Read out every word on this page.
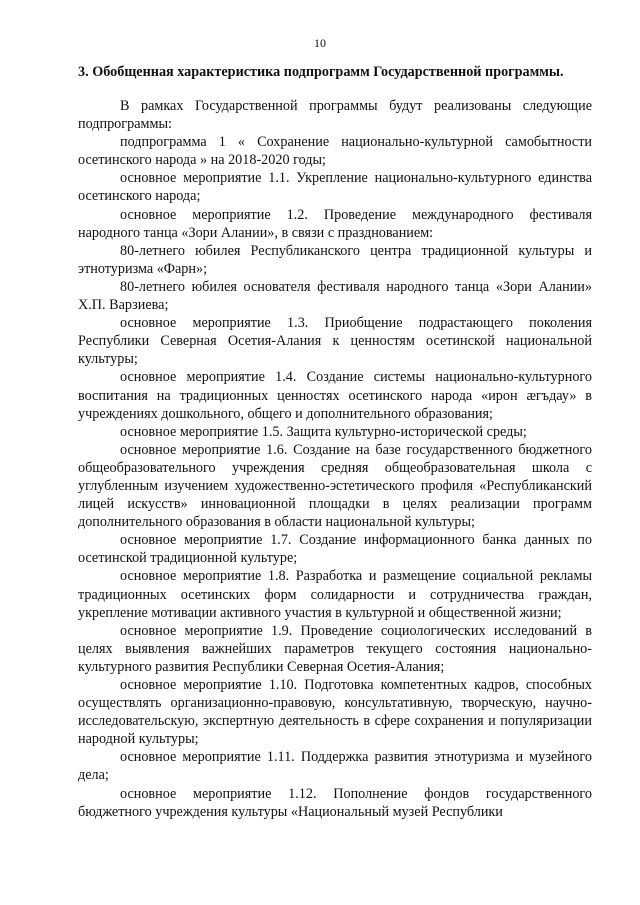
10
3. Обобщенная характеристика подпрограмм Государственной программы.

В рамках Государственной программы будут реализованы следующие подпрограммы:

подпрограмма 1 « Сохранение национально-культурной самобытности осетинского народа » на 2018-2020 годы;

основное мероприятие 1.1. Укрепление национально-культурного единства осетинского народа;

основное мероприятие 1.2. Проведение международного фестиваля народного танца «Зори Алании», в связи с празднованием:

80-летнего юбилея Республиканского центра традиционной культуры и этнотуризма «Фарн»;

80-летнего юбилея основателя фестиваля народного танца «Зори Алании» Х.П. Варзиева;

основное мероприятие 1.3. Приобщение подрастающего поколения Республики Северная Осетия-Алания к ценностям осетинской национальной культуры;

основное мероприятие 1.4. Создание системы национально-культурного воспитания на традиционных ценностях осетинского народа «ирон æгъдау» в учреждениях дошкольного, общего и дополнительного образования;

основное мероприятие 1.5. Защита культурно-исторической среды;

основное мероприятие 1.6. Создание на базе государственного бюджетного общеобразовательного учреждения средняя общеобразовательная школа с углубленным изучением художественно-эстетического профиля «Республиканский лицей искусств» инновационной площадки в целях реализации программ дополнительного образования в области национальной культуры;

основное мероприятие 1.7. Создание информационного банка данных по осетинской традиционной культуре;

основное мероприятие 1.8. Разработка и размещение социальной рекламы традиционных осетинских форм солидарности и сотрудничества граждан, укрепление мотивации активного участия в культурной и общественной жизни;

основное мероприятие 1.9. Проведение социологических исследований в целях выявления важнейших параметров текущего состояния национально-культурного развития Республики Северная Осетия-Алания;

основное мероприятие 1.10. Подготовка компетентных кадров, способных осуществлять организационно-правовую, консультативную, творческую, научно-исследовательскую, экспертную деятельность в сфере сохранения и популяризации народной культуры;

основное мероприятие 1.11. Поддержка развития этнотуризма и музейного дела;

основное мероприятие 1.12. Пополнение фондов государственного бюджетного учреждения культуры «Национальный музей Республики
